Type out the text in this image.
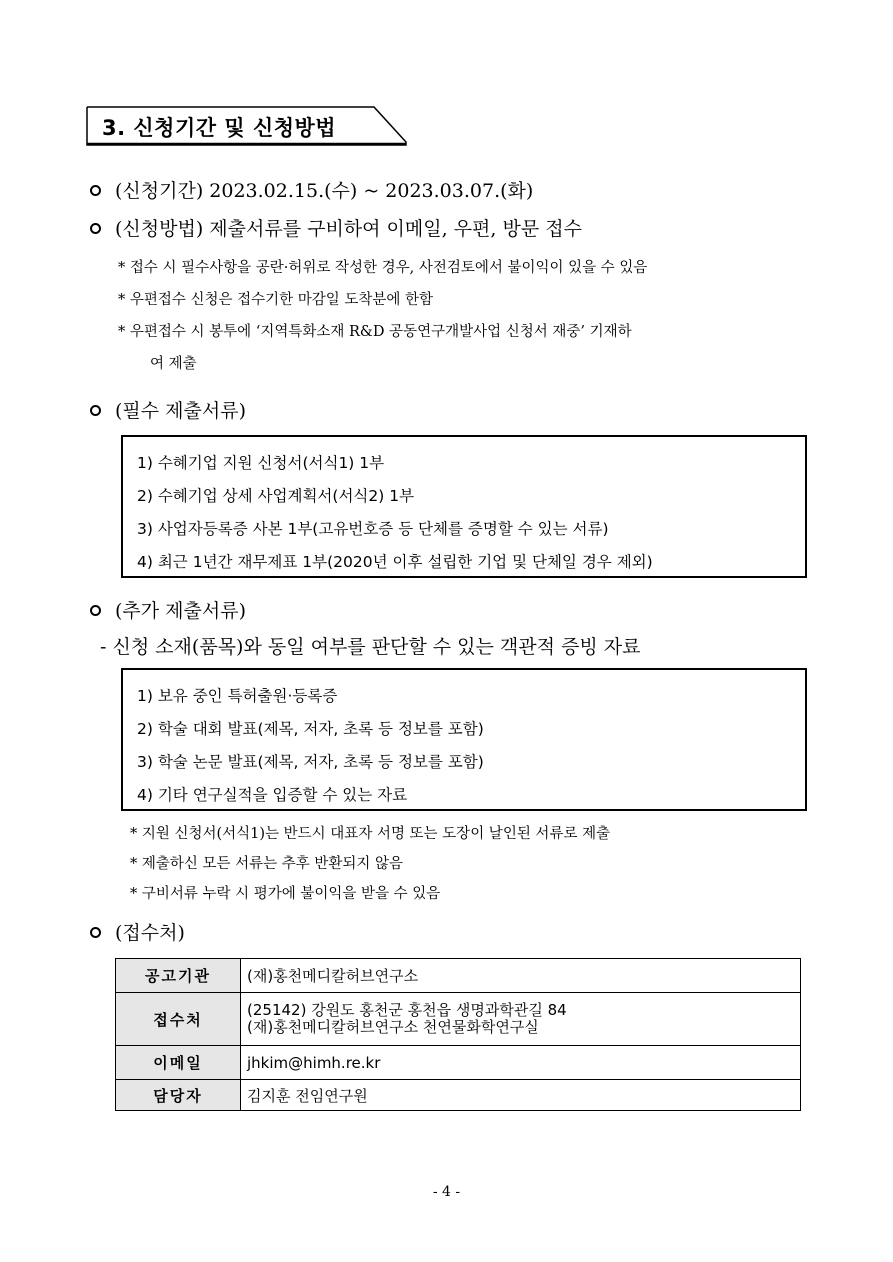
3. 신청기간 및 신청방법
(신청기간) 2023.02.15.(수) ~ 2023.03.07.(화)
(신청방법) 제출서류를 구비하여 이메일, 우편, 방문 접수
* 접수 시 필수사항을 공란·허위로 작성한 경우, 사전검토에서 불이익이 있을 수 있음
* 우편접수 신청은 접수기한 마감일 도착분에 한함
* 우편접수 시 봉투에 ‘지역특화소재 R&D 공동연구개발사업 신청서 재중’ 기재하
여 제출
(필수 제출서류)
1) 수혜기업 지원 신청서(서식1) 1부
2) 수혜기업 상세 사업계획서(서식2) 1부
3) 사업자등록증 사본 1부(고유번호증 등 단체를 증명할 수 있는 서류)
4) 최근 1년간 재무제표 1부(2020년 이후 설립한 기업 및 단체일 경우 제외)
(추가 제출서류)
- 신청 소재(품목)와 동일 여부를 판단할 수 있는 객관적 증빙 자료
1) 보유 중인 특허출원·등록증
2) 학술 대회 발표(제목, 저자, 초록 등 정보를 포함)
3) 학술 논문 발표(제목, 저자, 초록 등 정보를 포함)
4) 기타 연구실적을 입증할 수 있는 자료
* 지원 신청서(서식1)는 반드시 대표자 서명 또는 도장이 날인된 서류로 제출
* 제출하신 모든 서류는 추후 반환되지 않음
* 구비서류 누락 시 평가에 불이익을 받을 수 있음
(접수처)
공고기관	(재)홍천메디칼허브연구소
접수처	(25142) 강원도 홍천군 홍천읍 생명과학관길 84
(재)홍천메디칼허브연구소 천연물화학연구실

이메일	jhkim@himh.re.kr
담당자	김지훈 전임연구원
- 4 -
